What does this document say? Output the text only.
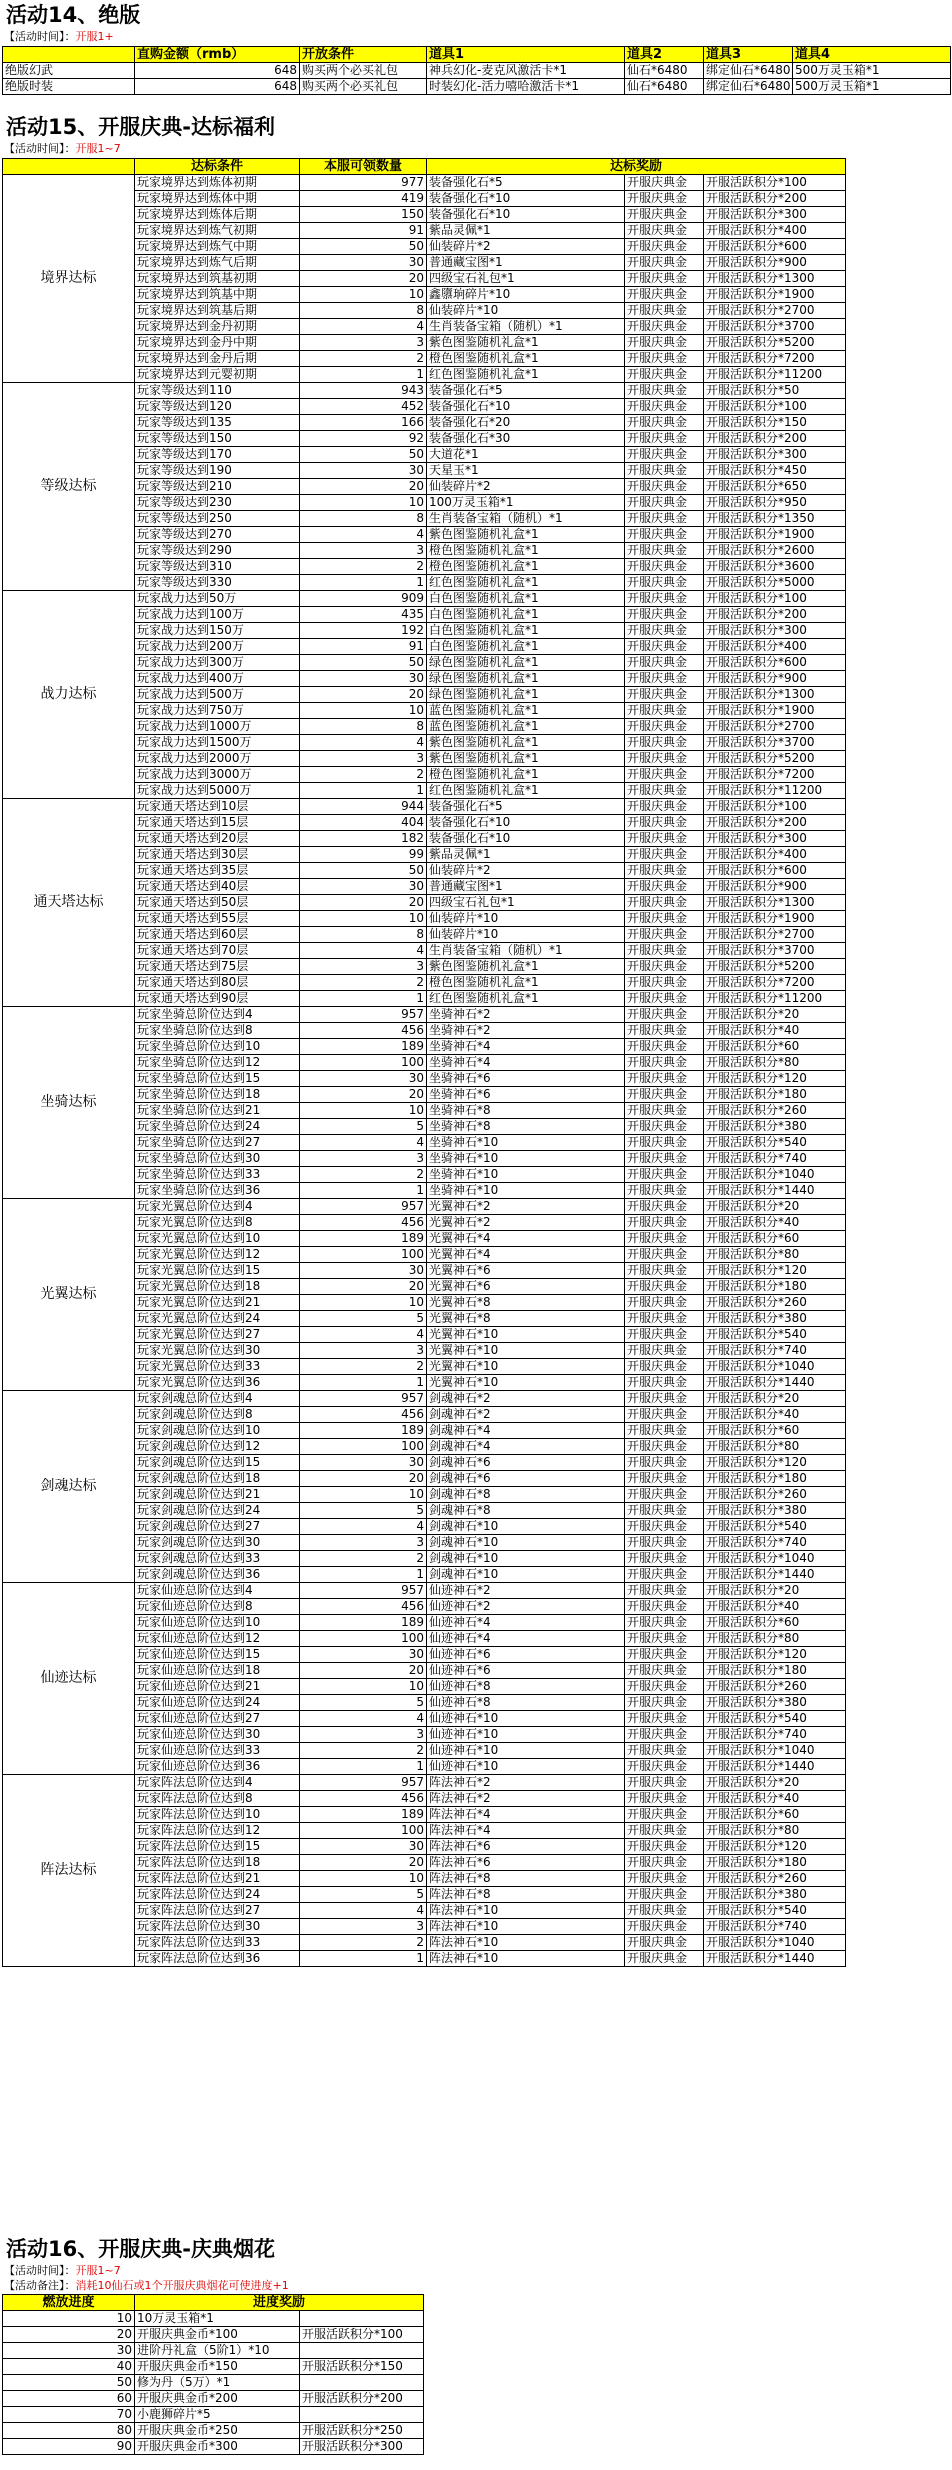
活动14、绝版
【活动时间】：开服1+
	直购金额（rmb）	开放条件	道具1	道具2	道具3	道具4
绝版幻武	648	购买两个必买礼包	神兵幻化-麦克风激活卡*1	仙石*6480	绑定仙石*6480	500万灵玉箱*1
绝版时装	648	购买两个必买礼包	时装幻化-活力嘻哈激活卡*1	仙石*6480	绑定仙石*6480	500万灵玉箱*1
活动15、开服庆典-达标福利
【活动时间】：开服1~7
	达标条件	本服可领数量	达标奖励		
境界达标	玩家境界达到炼体初期	977	装备强化石*5	开服庆典金	开服活跃积分*100
	玩家境界达到炼体中期	419	装备强化石*10	开服庆典金	开服活跃积分*200
	玩家境界达到炼体后期	150	装备强化石*10	开服庆典金	开服活跃积分*300
	玩家境界达到炼气初期	91	紫品灵佩*1	开服庆典金	开服活跃积分*400
	玩家境界达到炼气中期	50	仙装碎片*2	开服庆典金	开服活跃积分*600
	玩家境界达到炼气后期	30	普通藏宝图*1	开服庆典金	开服活跃积分*900
	玩家境界达到筑基初期	20	四级宝石礼包*1	开服庆典金	开服活跃积分*1300
	玩家境界达到筑基中期	10	鑫隳珦碎片*10	开服庆典金	开服活跃积分*1900
	玩家境界达到筑基后期	8	仙装碎片*10	开服庆典金	开服活跃积分*2700
	玩家境界达到金丹初期	4	生肖装备宝箱（随机）*1	开服庆典金	开服活跃积分*3700
	玩家境界达到金丹中期	3	紫色图鉴随机礼盒*1	开服庆典金	开服活跃积分*5200
	玩家境界达到金丹后期	2	橙色图鉴随机礼盒*1	开服庆典金	开服活跃积分*7200
	玩家境界达到元婴初期	1	红色图鉴随机礼盒*1	开服庆典金	开服活跃积分*11200
等级达标	玩家等级达到110	943	装备强化石*5	开服庆典金	开服活跃积分*50
	玩家等级达到120	452	装备强化石*10	开服庆典金	开服活跃积分*100
	玩家等级达到135	166	装备强化石*20	开服庆典金	开服活跃积分*150
	玩家等级达到150	92	装备强化石*30	开服庆典金	开服活跃积分*200
	玩家等级达到170	50	大道花*1	开服庆典金	开服活跃积分*300
	玩家等级达到190	30	天星玉*1	开服庆典金	开服活跃积分*450
	玩家等级达到210	20	仙装碎片*2	开服庆典金	开服活跃积分*650
	玩家等级达到230	10	100万灵玉箱*1	开服庆典金	开服活跃积分*950
	玩家等级达到250	8	生肖装备宝箱（随机）*1	开服庆典金	开服活跃积分*1350
	玩家等级达到270	4	紫色图鉴随机礼盒*1	开服庆典金	开服活跃积分*1900
	玩家等级达到290	3	橙色图鉴随机礼盒*1	开服庆典金	开服活跃积分*2600
	玩家等级达到310	2	橙色图鉴随机礼盒*1	开服庆典金	开服活跃积分*3600
	玩家等级达到330	1	红色图鉴随机礼盒*1	开服庆典金	开服活跃积分*5000
战力达标	玩家战力达到50万	909	白色图鉴随机礼盒*1	开服庆典金	开服活跃积分*100
	玩家战力达到100万	435	白色图鉴随机礼盒*1	开服庆典金	开服活跃积分*200
	玩家战力达到150万	192	白色图鉴随机礼盒*1	开服庆典金	开服活跃积分*300
	玩家战力达到200万	91	白色图鉴随机礼盒*1	开服庆典金	开服活跃积分*400
	玩家战力达到300万	50	绿色图鉴随机礼盒*1	开服庆典金	开服活跃积分*600
	玩家战力达到400万	30	绿色图鉴随机礼盒*1	开服庆典金	开服活跃积分*900
	玩家战力达到500万	20	绿色图鉴随机礼盒*1	开服庆典金	开服活跃积分*1300
	玩家战力达到750万	10	蓝色图鉴随机礼盒*1	开服庆典金	开服活跃积分*1900
	玩家战力达到1000万	8	蓝色图鉴随机礼盒*1	开服庆典金	开服活跃积分*2700
	玩家战力达到1500万	4	紫色图鉴随机礼盒*1	开服庆典金	开服活跃积分*3700
	玩家战力达到2000万	3	紫色图鉴随机礼盒*1	开服庆典金	开服活跃积分*5200
	玩家战力达到3000万	2	橙色图鉴随机礼盒*1	开服庆典金	开服活跃积分*7200
	玩家战力达到5000万	1	红色图鉴随机礼盒*1	开服庆典金	开服活跃积分*11200
通天塔达标	玩家通天塔达到10层	944	装备强化石*5	开服庆典金	开服活跃积分*100
	玩家通天塔达到15层	404	装备强化石*10	开服庆典金	开服活跃积分*200
	玩家通天塔达到20层	182	装备强化石*10	开服庆典金	开服活跃积分*300
	玩家通天塔达到30层	99	紫品灵佩*1	开服庆典金	开服活跃积分*400
	玩家通天塔达到35层	50	仙装碎片*2	开服庆典金	开服活跃积分*600
	玩家通天塔达到40层	30	普通藏宝图*1	开服庆典金	开服活跃积分*900
	玩家通天塔达到50层	20	四级宝石礼包*1	开服庆典金	开服活跃积分*1300
	玩家通天塔达到55层	10	仙装碎片*10	开服庆典金	开服活跃积分*1900
	玩家通天塔达到60层	8	仙装碎片*10	开服庆典金	开服活跃积分*2700
	玩家通天塔达到70层	4	生肖装备宝箱（随机）*1	开服庆典金	开服活跃积分*3700
	玩家通天塔达到75层	3	紫色图鉴随机礼盒*1	开服庆典金	开服活跃积分*5200
	玩家通天塔达到80层	2	橙色图鉴随机礼盒*1	开服庆典金	开服活跃积分*7200
	玩家通天塔达到90层	1	红色图鉴随机礼盒*1	开服庆典金	开服活跃积分*11200
坐骑达标	玩家坐骑总阶位达到4	957	坐骑神石*2	开服庆典金	开服活跃积分*20
	玩家坐骑总阶位达到8	456	坐骑神石*2	开服庆典金	开服活跃积分*40
	玩家坐骑总阶位达到10	189	坐骑神石*4	开服庆典金	开服活跃积分*60
	玩家坐骑总阶位达到12	100	坐骑神石*4	开服庆典金	开服活跃积分*80
	玩家坐骑总阶位达到15	30	坐骑神石*6	开服庆典金	开服活跃积分*120
	玩家坐骑总阶位达到18	20	坐骑神石*6	开服庆典金	开服活跃积分*180
	玩家坐骑总阶位达到21	10	坐骑神石*8	开服庆典金	开服活跃积分*260
	玩家坐骑总阶位达到24	5	坐骑神石*8	开服庆典金	开服活跃积分*380
	玩家坐骑总阶位达到27	4	坐骑神石*10	开服庆典金	开服活跃积分*540
	玩家坐骑总阶位达到30	3	坐骑神石*10	开服庆典金	开服活跃积分*740
	玩家坐骑总阶位达到33	2	坐骑神石*10	开服庆典金	开服活跃积分*1040
	玩家坐骑总阶位达到36	1	坐骑神石*10	开服庆典金	开服活跃积分*1440
光翼达标	玩家光翼总阶位达到4	957	光翼神石*2	开服庆典金	开服活跃积分*20
	玩家光翼总阶位达到8	456	光翼神石*2	开服庆典金	开服活跃积分*40
	玩家光翼总阶位达到10	189	光翼神石*4	开服庆典金	开服活跃积分*60
	玩家光翼总阶位达到12	100	光翼神石*4	开服庆典金	开服活跃积分*80
	玩家光翼总阶位达到15	30	光翼神石*6	开服庆典金	开服活跃积分*120
	玩家光翼总阶位达到18	20	光翼神石*6	开服庆典金	开服活跃积分*180
	玩家光翼总阶位达到21	10	光翼神石*8	开服庆典金	开服活跃积分*260
	玩家光翼总阶位达到24	5	光翼神石*8	开服庆典金	开服活跃积分*380
	玩家光翼总阶位达到27	4	光翼神石*10	开服庆典金	开服活跃积分*540
	玩家光翼总阶位达到30	3	光翼神石*10	开服庆典金	开服活跃积分*740
	玩家光翼总阶位达到33	2	光翼神石*10	开服庆典金	开服活跃积分*1040
	玩家光翼总阶位达到36	1	光翼神石*10	开服庆典金	开服活跃积分*1440
剑魂达标	玩家剑魂总阶位达到4	957	剑魂神石*2	开服庆典金	开服活跃积分*20
	玩家剑魂总阶位达到8	456	剑魂神石*2	开服庆典金	开服活跃积分*40
	玩家剑魂总阶位达到10	189	剑魂神石*4	开服庆典金	开服活跃积分*60
	玩家剑魂总阶位达到12	100	剑魂神石*4	开服庆典金	开服活跃积分*80
	玩家剑魂总阶位达到15	30	剑魂神石*6	开服庆典金	开服活跃积分*120
	玩家剑魂总阶位达到18	20	剑魂神石*6	开服庆典金	开服活跃积分*180
	玩家剑魂总阶位达到21	10	剑魂神石*8	开服庆典金	开服活跃积分*260
	玩家剑魂总阶位达到24	5	剑魂神石*8	开服庆典金	开服活跃积分*380
	玩家剑魂总阶位达到27	4	剑魂神石*10	开服庆典金	开服活跃积分*540
	玩家剑魂总阶位达到30	3	剑魂神石*10	开服庆典金	开服活跃积分*740
	玩家剑魂总阶位达到33	2	剑魂神石*10	开服庆典金	开服活跃积分*1040
	玩家剑魂总阶位达到36	1	剑魂神石*10	开服庆典金	开服活跃积分*1440
仙迹达标	玩家仙迹总阶位达到4	957	仙迹神石*2	开服庆典金	开服活跃积分*20
	玩家仙迹总阶位达到8	456	仙迹神石*2	开服庆典金	开服活跃积分*40
	玩家仙迹总阶位达到10	189	仙迹神石*4	开服庆典金	开服活跃积分*60
	玩家仙迹总阶位达到12	100	仙迹神石*4	开服庆典金	开服活跃积分*80
	玩家仙迹总阶位达到15	30	仙迹神石*6	开服庆典金	开服活跃积分*120
	玩家仙迹总阶位达到18	20	仙迹神石*6	开服庆典金	开服活跃积分*180
	玩家仙迹总阶位达到21	10	仙迹神石*8	开服庆典金	开服活跃积分*260
	玩家仙迹总阶位达到24	5	仙迹神石*8	开服庆典金	开服活跃积分*380
	玩家仙迹总阶位达到27	4	仙迹神石*10	开服庆典金	开服活跃积分*540
	玩家仙迹总阶位达到30	3	仙迹神石*10	开服庆典金	开服活跃积分*740
	玩家仙迹总阶位达到33	2	仙迹神石*10	开服庆典金	开服活跃积分*1040
	玩家仙迹总阶位达到36	1	仙迹神石*10	开服庆典金	开服活跃积分*1440
阵法达标	玩家阵法总阶位达到4	957	阵法神石*2	开服庆典金	开服活跃积分*20
	玩家阵法总阶位达到8	456	阵法神石*2	开服庆典金	开服活跃积分*40
	玩家阵法总阶位达到10	189	阵法神石*4	开服庆典金	开服活跃积分*60
	玩家阵法总阶位达到12	100	阵法神石*4	开服庆典金	开服活跃积分*80
	玩家阵法总阶位达到15	30	阵法神石*6	开服庆典金	开服活跃积分*120
	玩家阵法总阶位达到18	20	阵法神石*6	开服庆典金	开服活跃积分*180
	玩家阵法总阶位达到21	10	阵法神石*8	开服庆典金	开服活跃积分*260
	玩家阵法总阶位达到24	5	阵法神石*8	开服庆典金	开服活跃积分*380
	玩家阵法总阶位达到27	4	阵法神石*10	开服庆典金	开服活跃积分*540
	玩家阵法总阶位达到30	3	阵法神石*10	开服庆典金	开服活跃积分*740
	玩家阵法总阶位达到33	2	阵法神石*10	开服庆典金	开服活跃积分*1040
	玩家阵法总阶位达到36	1	阵法神石*10	开服庆典金	开服活跃积分*1440
活动16、开服庆典-庆典烟花
【活动时间】：开服1~7
【活动备注】：消耗10仙石或1个开服庆典烟花可使进度+1
燃放进度	进度奖励	
10	10万灵玉箱*1	
20	开服庆典金币*100	开服活跃积分*100
30	进阶丹礼盒（5阶1）*10	
40	开服庆典金币*150	开服活跃积分*150
50	修为丹（5万）*1	
60	开服庆典金币*200	开服活跃积分*200
70	小鹿狮碎片*5	
80	开服庆典金币*250	开服活跃积分*250
90	开服庆典金币*300	开服活跃积分*300
